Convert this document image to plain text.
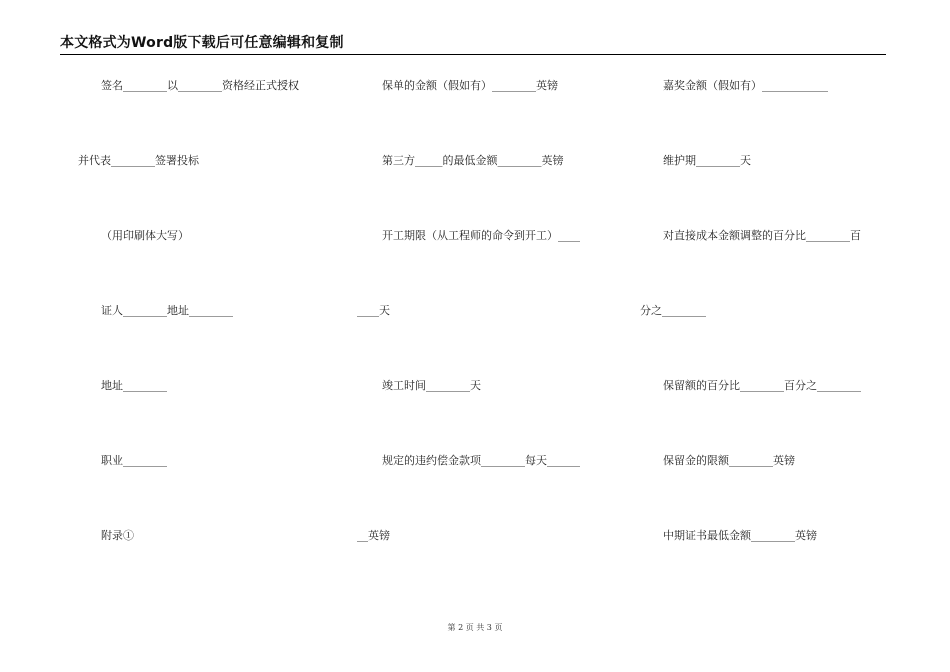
本文格式为Word版下载后可任意编辑和复制
签名________以________资格经正式授权
并代表________签署投标
（用印刷体大写）
证人________地址________
地址________
职业________
附录①
保单的金额（假如有）________英镑
第三方_____的最低金额________英镑
开工期限（从工程师的命令到开工）____
____天
竣工时间________天
规定的违约偿金款项________每天______
__英镑
嘉奖金额（假如有）____________
维护期________天
对直接成本金额调整的百分比________百
分之________
保留额的百分比________百分之________
保留金的限额________英镑
中期证书最低金额________英镑
第 2 页 共 3 页
